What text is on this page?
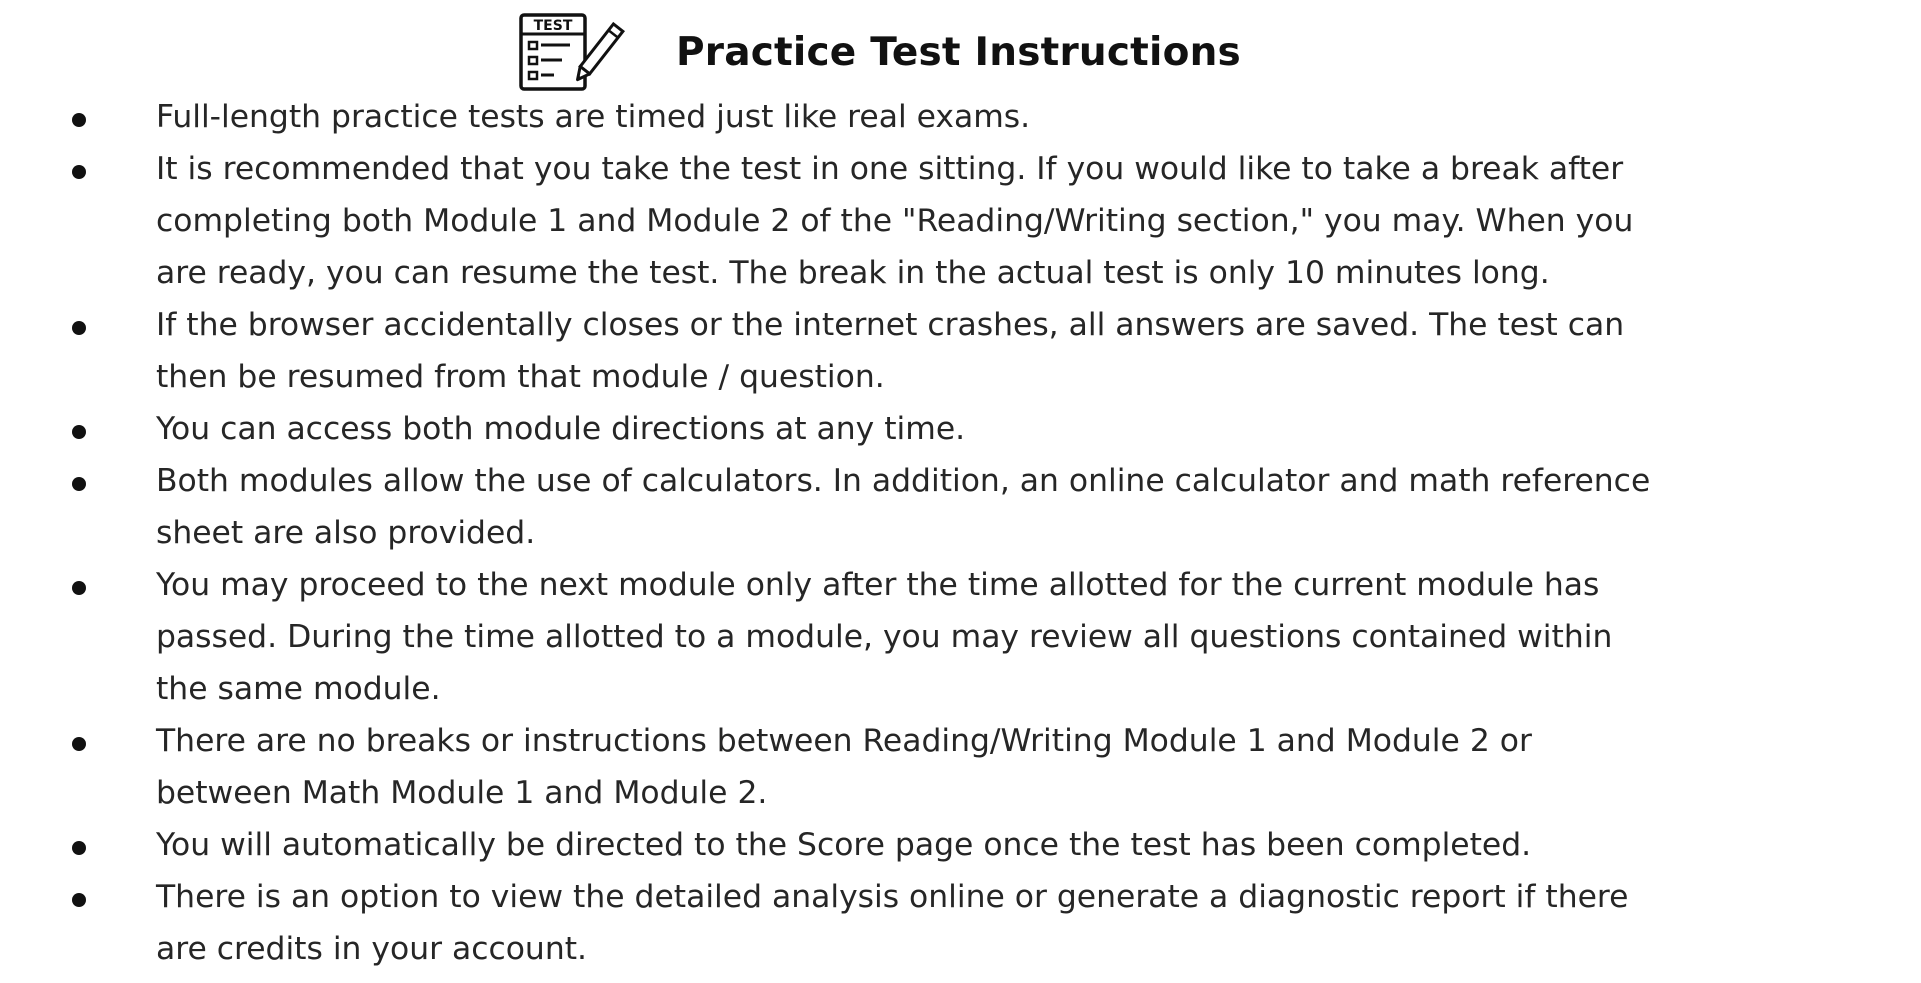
TEST
Practice Test Instructions
Full-length practice tests are timed just like real exams.
It is recommended that you take the test in one sitting. If you would like to take a break after
completing both Module 1 and Module 2 of the "Reading/Writing section," you may. When you
are ready, you can resume the test. The break in the actual test is only 10 minutes long.
If the browser accidentally closes or the internet crashes, all answers are saved. The test can
then be resumed from that module / question.
You can access both module directions at any time.
Both modules allow the use of calculators. In addition, an online calculator and math reference
sheet are also provided.
You may proceed to the next module only after the time allotted for the current module has
passed. During the time allotted to a module, you may review all questions contained within
the same module.
There are no breaks or instructions between Reading/Writing Module 1 and Module 2 or
between Math Module 1 and Module 2.
You will automatically be directed to the Score page once the test has been completed.
There is an option to view the detailed analysis online or generate a diagnostic report if there
are credits in your account.
